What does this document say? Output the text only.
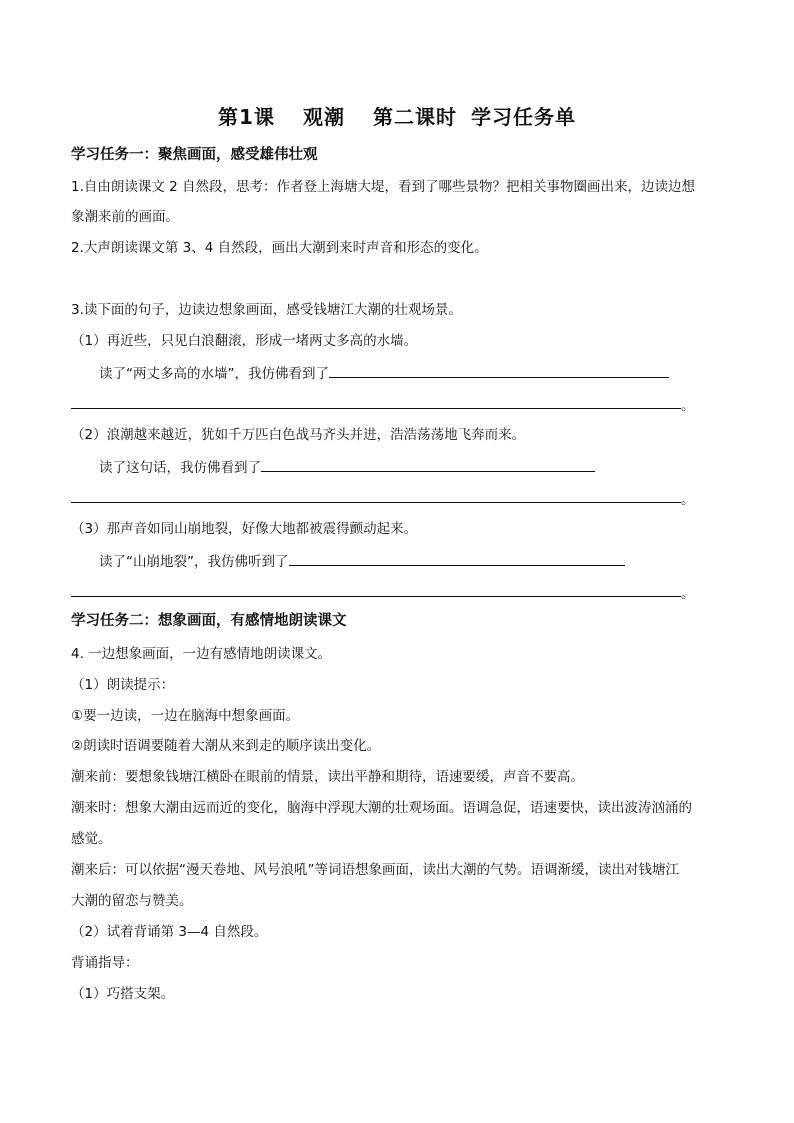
第1课 观潮 第二课时 学习任务单
学习任务一：聚焦画面，感受雄伟壮观
1.自由朗读课文 2 自然段，思考：作者登上海塘大堤，看到了哪些景物？把相关事物圈画出来，边读边想
象潮来前的画面。
2.大声朗读课文第 3、4 自然段，画出大潮到来时声音和形态的变化。
3.读下面的句子，边读边想象画面，感受钱塘江大潮的壮观场景。
（1）再近些，只见白浪翻滚，形成一堵两丈多高的水墙。
读了“两丈多高的水墙”，我仿佛看到了
。
（2）浪潮越来越近，犹如千万匹白色战马齐头并进，浩浩荡荡地飞奔而来。
读了这句话，我仿佛看到了
。
（3）那声音如同山崩地裂，好像大地都被震得颤动起来。
读了“山崩地裂”，我仿佛听到了
。
学习任务二：想象画面，有感情地朗读课文
4. 一边想象画面，一边有感情地朗读课文。
（1）朗读提示：
①要一边读，一边在脑海中想象画面。
②朗读时语调要随着大潮从来到走的顺序读出变化。
潮来前：要想象钱塘江横卧在眼前的情景，读出平静和期待，语速要缓，声音不要高。
潮来时：想象大潮由远而近的变化，脑海中浮现大潮的壮观场面。语调急促，语速要快，读出波涛汹涌的
感觉。
潮来后：可以依据“漫天卷地、风号浪吼”等词语想象画面，读出大潮的气势。语调渐缓，读出对钱塘江
大潮的留恋与赞美。
（2）试着背诵第 3—4 自然段。
背诵指导：
（1）巧搭支架。
